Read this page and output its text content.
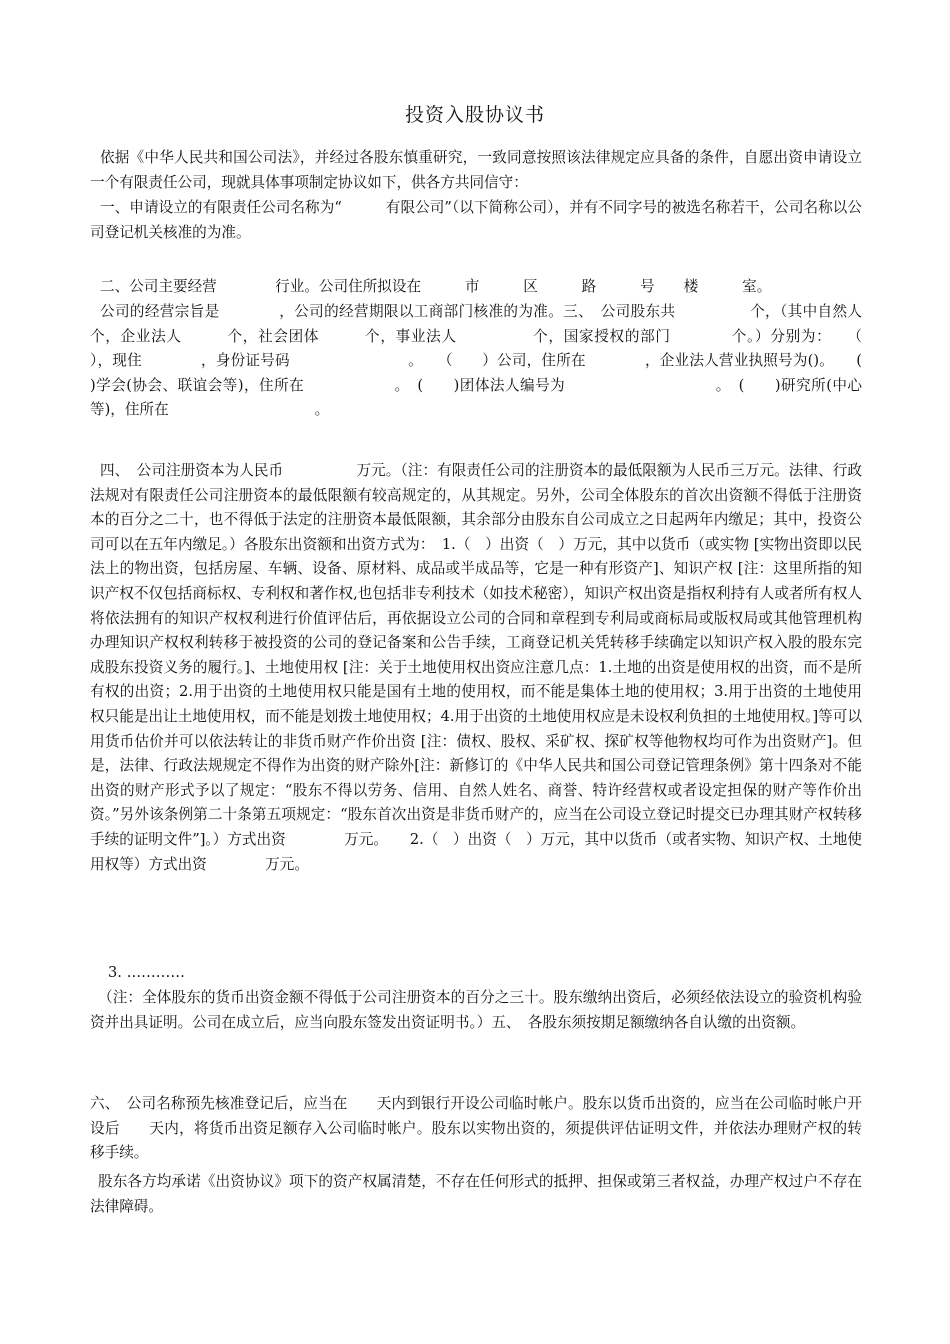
投资入股协议书
依据《中华人民共和国公司法》，并经过各股东慎重研究，一致同意按照该法律规定应具备的条件，自愿出资申请设立一个有限责任公司，现就具体事项制定协议如下，供各方共同信守：
一、申请设立的有限责任公司名称为“　　　有限公司”（以下简称公司），并有不同字号的被选名称若干，公司名称以公司登记机关核准的为准。
二、公司主要经营　　　　行业。公司住所拟设在　　　市　　　区　　　路　　　号　　楼　　　室。
公司的经营宗旨是　　　　，公司的经营期限以工商部门核准的为准。三、　公司股东共　　　　　个，（其中自然人　　　　　个，企业法人　　　个，社会团体　　　个，事业法人　　　　　个，国家授权的部门　　　　个。）分别为：　　（　　），现住　　　　，身份证号码　　　　　　　　。　　（　　）公司，住所在　　　　，企业法人营业执照号为()。　　(　　)学会(协会、联谊会等)，住所在　　　　　　。　(　　)团体法人编号为　　　　　　　　　　。　(　　)研究所(中心等)，住所在　　　　　　　　　　。
四、　公司注册资本为人民币　　　　　万元。（注：有限责任公司的注册资本的最低限额为人民币三万元。法律、行政法规对有限责任公司注册资本的最低限额有较高规定的，从其规定。另外，公司全体股东的首次出资额不得低于注册资本的百分之二十，也不得低于法定的注册资本最低限额，其余部分由股东自公司成立之日起两年内缴足；其中，投资公司可以在五年内缴足。）各股东出资额和出资方式为：　1.（　）出资（　）万元，其中以货币（或实物 [实物出资即以民法上的物出资，包括房屋、车辆、设备、原材料、成品或半成品等，它是一种有形资产]、知识产权 [注：这里所指的知识产权不仅包括商标权、专利权和著作权,也包括非专利技术（如技术秘密），知识产权出资是指权利持有人或者所有权人将依法拥有的知识产权权利进行价值评估后，再依据设立公司的合同和章程到专利局或商标局或版权局或其他管理机构办理知识产权权利转移于被投资的公司的登记备案和公告手续，工商登记机关凭转移手续确定以知识产权入股的股东完成股东投资义务的履行。]、土地使用权 [注：关于土地使用权出资应注意几点：1.土地的出资是使用权的出资，而不是所有权的出资；2.用于出资的土地使用权只能是国有土地的使用权，而不能是集体土地的使用权；3.用于出资的土地使用权只能是出让土地使用权，而不能是划拨土地使用权；4.用于出资的土地使用权应是未设权利负担的土地使用权。]等可以用货币估价并可以依法转让的非货币财产作价出资 [注：债权、股权、采矿权、探矿权等他物权均可作为出资财产]。但是，法律、行政法规规定不得作为出资的财产除外[注：新修订的《中华人民共和国公司登记管理条例》第十四条对不能出资的财产形式予以了规定：“股东不得以劳务、信用、自然人姓名、商誉、特许经营权或者设定担保的财产等作价出资。”另外该条例第二十条第五项规定：“股东首次出资是非货币财产的，应当在公司设立登记时提交已办理其财产权转移手续的证明文件”]。）方式出资　　　　万元。　　2.（　）出资（　）万元，其中以货币（或者实物、知识产权、土地使用权等）方式出资　　　　万元。
3. …………
（注：全体股东的货币出资金额不得低于公司注册资本的百分之三十。股东缴纳出资后，必须经依法设立的验资机构验资并出具证明。公司在成立后，应当向股东签发出资证明书。）五、　各股东须按期足额缴纳各自认缴的出资额。
六、　公司名称预先核准登记后，应当在　　天内到银行开设公司临时帐户。股东以货币出资的，应当在公司临时帐户开设后　　天内，将货币出资足额存入公司临时帐户。股东以实物出资的，须提供评估证明文件，并依法办理财产权的转移手续。
股东各方均承诺《出资协议》项下的资产权属清楚，不存在任何形式的抵押、担保或第三者权益，办理产权过户不存在法律障碍。
